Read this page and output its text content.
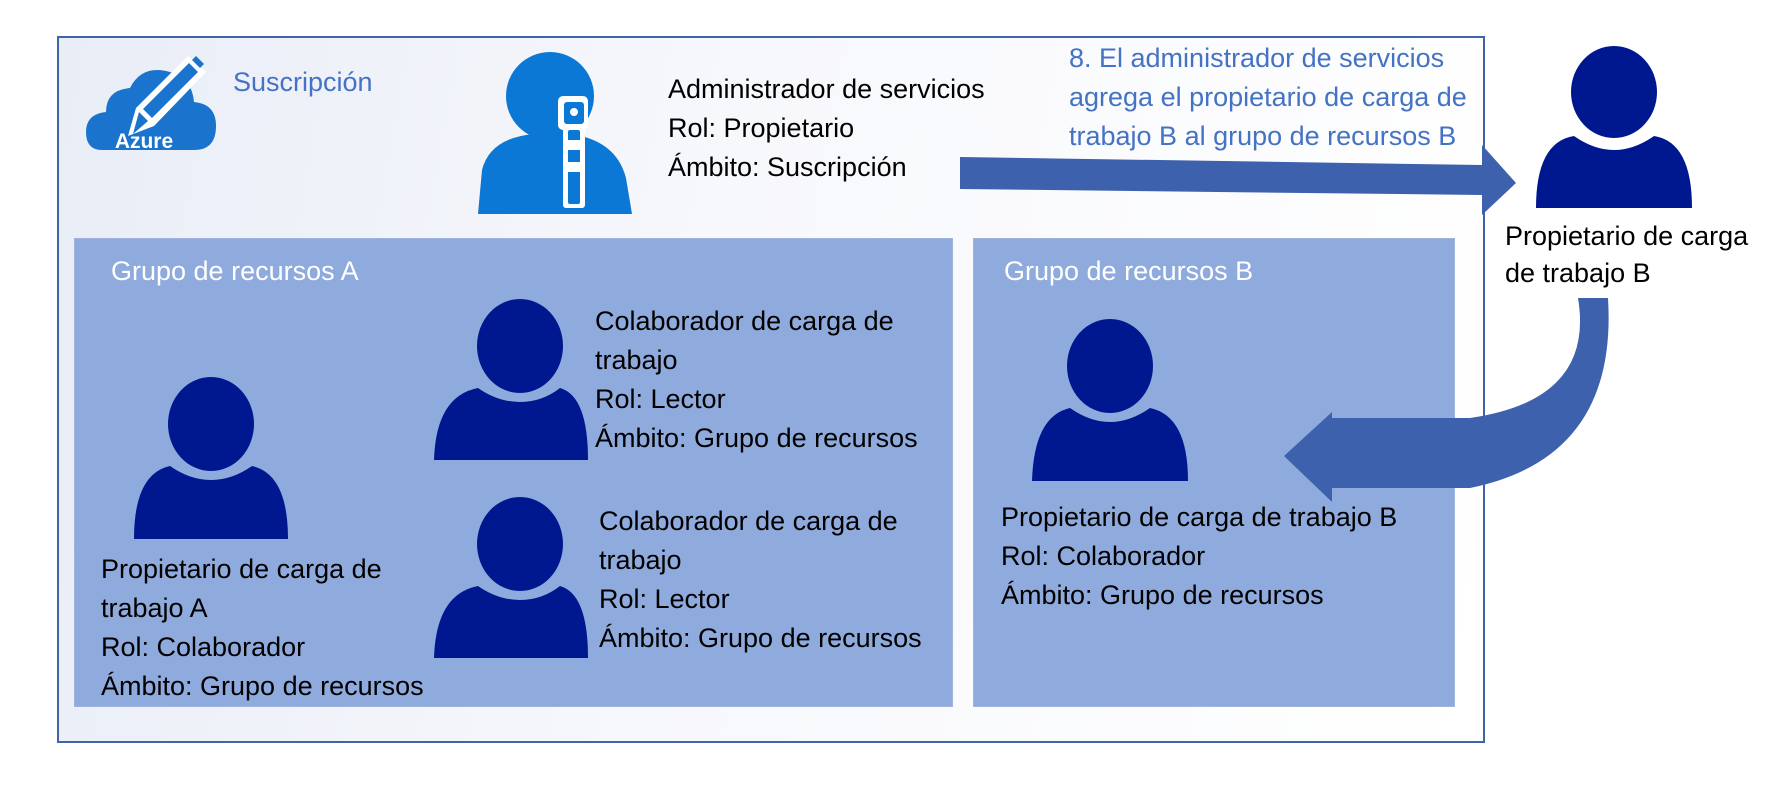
Azure
Suscripción	Administrador de servicios
Rol: Propietario
Ámbito: Suscripción
8. El administrador de servicios
agrega el propietario de carga de
trabajo B al grupo de recursos B
Propietario de carga
de trabajo B
Grupo de recursos A
Propietario de carga de
trabajo A
Rol: Colaborador
Ámbito: Grupo de recursos
Colaborador de carga de
trabajo
Rol: Lector
Ámbito: Grupo de recursos
Colaborador de carga de
trabajo
Rol: Lector
Ámbito: Grupo de recursos
Grupo de recursos B
Propietario de carga de trabajo B
Rol: Colaborador
Ámbito: Grupo de recursos
